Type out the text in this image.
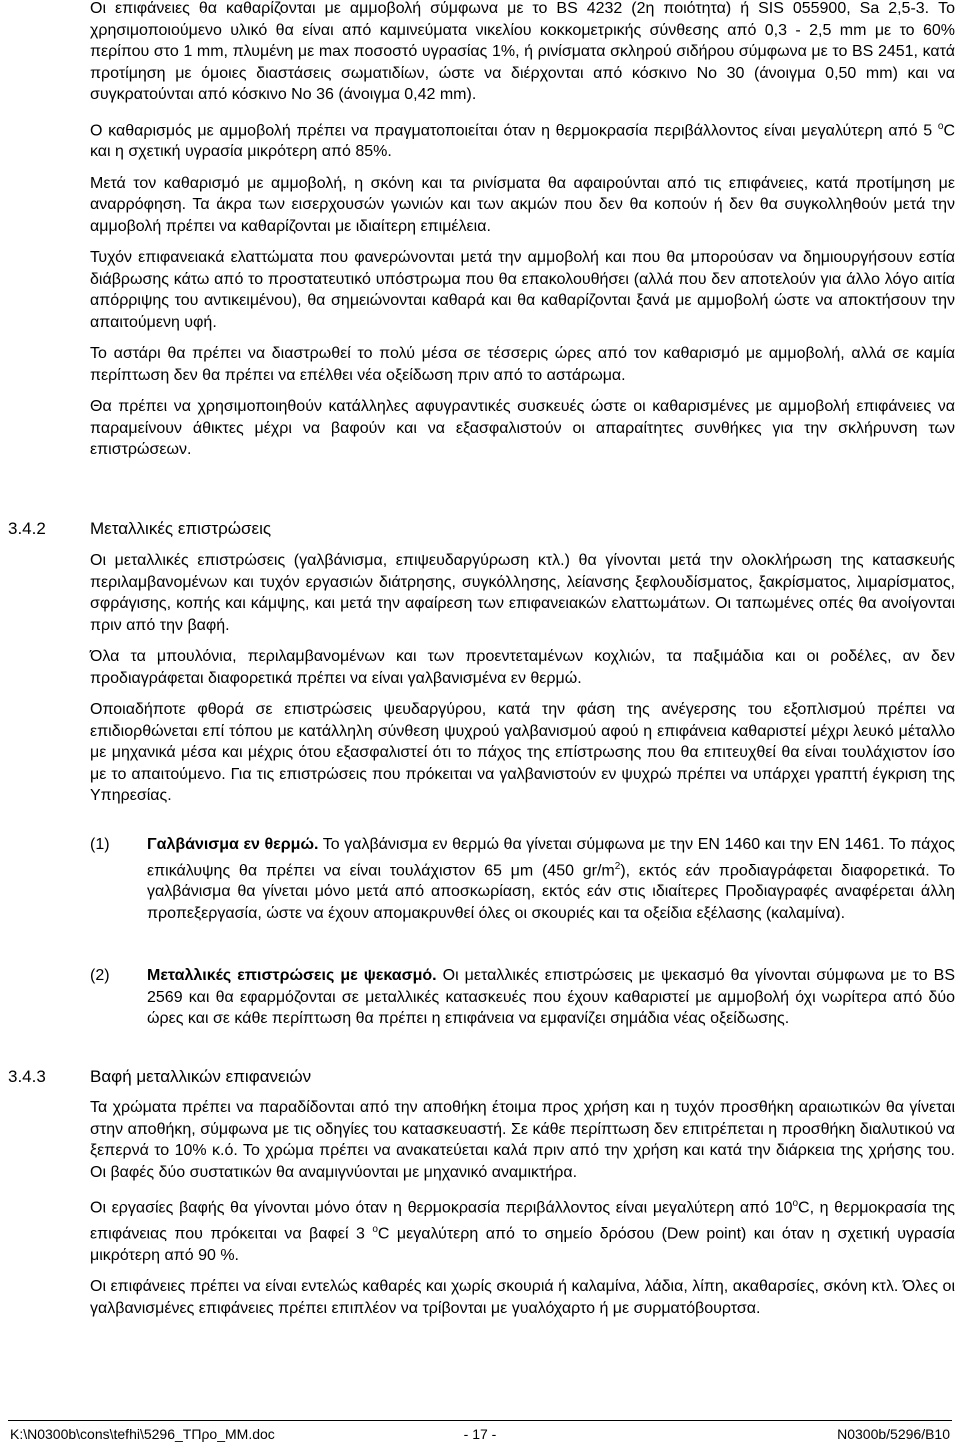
Οι επιφάνειες θα καθαρίζονται με αμμοβολή σύμφωνα με το BS 4232 (2η ποιότητα) ή SIS 055900, Sa 2,5-3. Το χρησιμοποιούμενο υλικό θα είναι από καμινεύματα νικελίου κοκκομετρικής σύνθεσης από 0,3 - 2,5 mm με το 60% περίπου στο 1 mm, πλυμένη με max ποσοστό υγρασίας 1%, ή ρινίσματα σκληρού σιδήρου σύμφωνα με το BS 2451, κατά προτίμηση με όμοιες διαστάσεις σωματιδίων, ώστε να διέρχονται από κόσκινο Νο 30 (άνοιγμα 0,50 mm) και να συγκρατούνται από κόσκινο Νο 36 (άνοιγμα 0,42 mm).

Ο καθαρισμός με αμμοβολή πρέπει να πραγματοποιείται όταν η θερμοκρασία περιβάλλοντος είναι μεγαλύτερη από 5 $^o$C και η σχετική υγρασία μικρότερη από 85%.

Μετά τον καθαρισμό με αμμοβολή, η σκόνη και τα ρινίσματα θα αφαιρούνται από τις επιφάνειες, κατά προτίμηση με αναρρόφηση. Τα άκρα των εισερχουσών γωνιών και των ακμών που δεν θα κοπούν ή δεν θα συγκολληθούν μετά την αμμοβολή πρέπει να καθαρίζονται με ιδιαίτερη επιμέλεια.

Τυχόν επιφανειακά ελαττώματα που φανερώνονται μετά την αμμοβολή και που θα μπορούσαν να δημιουργήσουν εστία διάβρωσης κάτω από το προστατευτικό υπόστρωμα που θα επακολουθήσει (αλλά που δεν αποτελούν για άλλο λόγο αιτία απόρριψης του αντικειμένου), θα σημειώνονται καθαρά και θα καθαρίζονται ξανά με αμμοβολή ώστε να αποκτήσουν την απαιτούμενη υφή.

Το αστάρι θα πρέπει να διαστρωθεί το πολύ μέσα σε τέσσερις ώρες από τον καθαρισμό με αμμοβολή, αλλά σε καμία περίπτωση δεν θα πρέπει να επέλθει νέα οξείδωση πριν από το αστάρωμα.

Θα πρέπει να χρησιμοποιηθούν κατάλληλες αφυγραντικές συσκευές ώστε οι καθαρισμένες με αμμοβολή επιφάνειες να παραμείνουν άθικτες μέχρι να βαφούν και να εξασφαλιστούν οι απαραίτητες συνθήκες για την σκλήρυνση των επιστρώσεων.

3.4.2	Μεταλλικές επιστρώσεις

Οι μεταλλικές επιστρώσεις (γαλβάνισμα, επιψευδαργύρωση κτλ.) θα γίνονται μετά την ολοκλήρωση της κατασκευής περιλαμβανομένων και τυχόν εργασιών διάτρησης, συγκόλλησης, λείανσης ξεφλουδίσματος, ξακρίσματος, λιμαρίσματος, σφράγισης, κοπής και κάμψης, και μετά την αφαίρεση των επιφανειακών ελαττωμάτων. Οι ταπωμένες οπές θα ανοίγονται πριν από την βαφή.

Όλα τα μπουλόνια, περιλαμβανομένων και των προεντεταμένων κοχλιών, τα παξιμάδια και οι ροδέλες, αν δεν προδιαγράφεται διαφορετικά πρέπει να είναι γαλβανισμένα εν θερμώ.

Οποιαδήποτε φθορά σε επιστρώσεις ψευδαργύρου, κατά την φάση της ανέγερσης του εξοπλισμού πρέπει να επιδιορθώνεται επί τόπου με κατάλληλη σύνθεση ψυχρού γαλβανισμού αφού η επιφάνεια καθαριστεί μέχρι λευκό μέταλλο με μηχανικά μέσα και μέχρις ότου εξασφαλιστεί ότι το πάχος της επίστρωσης που θα επιτευχθεί θα είναι τουλάχιστον ίσο με το απαιτούμενο. Για τις επιστρώσεις που πρόκειται να γαλβανιστούν εν ψυχρώ πρέπει να υπάρχει γραπτή έγκριση της Υπηρεσίας.

(1) Γαλβάνισμα εν θερμώ. Το γαλβάνισμα εν θερμώ θα γίνεται σύμφωνα με την ΕΝ 1460 και την ΕΝ 1461. Το πάχος επικάλυψης θα πρέπει να είναι τουλάχιστον 65 μm (450 $gr/m^2$), εκτός εάν προδιαγράφεται διαφορετικά. Το γαλβάνισμα θα γίνεται μόνο μετά από αποσκωρίαση, εκτός εάν στις ιδιαίτερες Προδιαγραφές αναφέρεται άλλη προπεξεργασία, ώστε να έχουν απομακρυνθεί όλες οι σκουριές και τα οξείδια εξέλασης (καλαμίνα).
(2) Μεταλλικές επιστρώσεις με ψεκασμό. Οι μεταλλικές επιστρώσεις με ψεκασμό θα γίνονται σύμφωνα με το BS 2569 και θα εφαρμόζονται σε μεταλλικές κατασκευές που έχουν καθαριστεί με αμμοβολή όχι νωρίτερα από δύο ώρες και σε κάθε περίπτωση θα πρέπει η επιφάνεια να εμφανίζει σημάδια νέας οξείδωσης.
3.4.3	Βαφή μεταλλικών επιφανειών

Τα χρώματα πρέπει να παραδίδονται από την αποθήκη έτοιμα προς χρήση και η τυχόν προσθήκη αραιωτικών θα γίνεται στην αποθήκη, σύμφωνα με τις οδηγίες του κατασκευαστή. Σε κάθε περίπτωση δεν επιτρέπεται η προσθήκη διαλυτικού να ξεπερνά το 10% κ.ό. Το χρώμα πρέπει να ανακατεύεται καλά πριν από την χρήση και κατά την διάρκεια της χρήσης του. Οι βαφές δύο συστατικών θα αναμιγνύονται με μηχανικό αναμικτήρα.

Οι εργασίες βαφής θα γίνονται μόνο όταν η θερμοκρασία περιβάλλοντος είναι μεγαλύτερη από 10$^o$C, η θερμοκρασία της επιφάνειας που πρόκειται να βαφεί 3 $^o$C μεγαλύτερη από το σημείο δρόσου (Dew point) και όταν η σχετική υγρασία μικρότερη από 90 %.

Οι επιφάνειες πρέπει να είναι εντελώς καθαρές και χωρίς σκουριά ή καλαμίνα, λάδια, λίπη, ακαθαρσίες, σκόνη κτλ. Όλες οι γαλβανισμένες επιφάνειες πρέπει επιπλέον να τρίβονται με γυαλόχαρτο ή με συρματόβουρτσα.

K:\N0300b\cons\tefhi\5296_ΤΠρο_ΜΜ.doc	- 17 -	N0300b/5296/B10
